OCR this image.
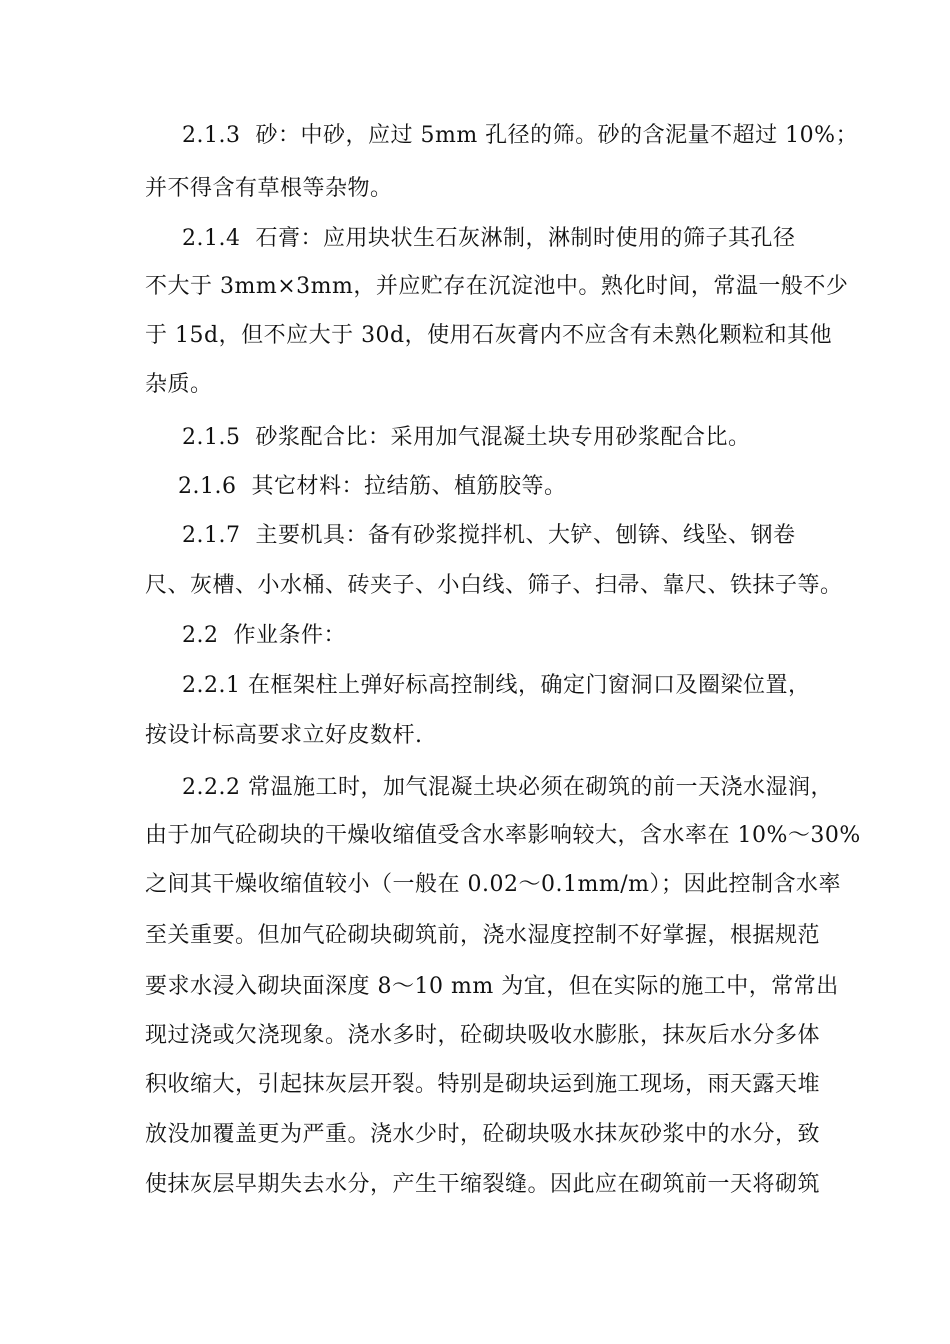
2.1.3  砂：中砂，应过 5mm 孔径的筛。砂的含泥量不超过 10%；
并不得含有草根等杂物。
2.1.4  石膏：应用块状生石灰淋制，淋制时使用的筛子其孔径
不大于 3mm×3mm，并应贮存在沉淀池中。熟化时间，常温一般不少
于 15d，但不应大于 30d，使用石灰膏内不应含有未熟化颗粒和其他
杂质。
2.1.5  砂浆配合比：采用加气混凝土块专用砂浆配合比。
2.1.6  其它材料：拉结筋、植筋胶等。
2.1.7  主要机具：备有砂浆搅拌机、大铲、刨锛、线坠、钢卷
尺、灰槽、小水桶、砖夹子、小白线、筛子、扫帚、靠尺、铁抹子等。
2.2  作业条件：
2.2.1 在框架柱上弹好标高控制线，确定门窗洞口及圈梁位置，
按设计标高要求立好皮数杆.
2.2.2 常温施工时，加气混凝土块必须在砌筑的前一天浇水湿润，
由于加气砼砌块的干燥收缩值受含水率影响较大，含水率在 10%～30%
之间其干燥收缩值较小（一般在 0.02～0.1mm/m）；因此控制含水率
至关重要。但加气砼砌块砌筑前，浇水湿度控制不好掌握，根据规范
要求水浸入砌块面深度 8～10 mm 为宜，但在实际的施工中，常常出
现过浇或欠浇现象。浇水多时，砼砌块吸收水膨胀，抹灰后水分多体
积收缩大，引起抹灰层开裂。特别是砌块运到施工现场，雨天露天堆
放没加覆盖更为严重。浇水少时，砼砌块吸水抹灰砂浆中的水分，致
使抹灰层早期失去水分，产生干缩裂缝。因此应在砌筑前一天将砌筑
